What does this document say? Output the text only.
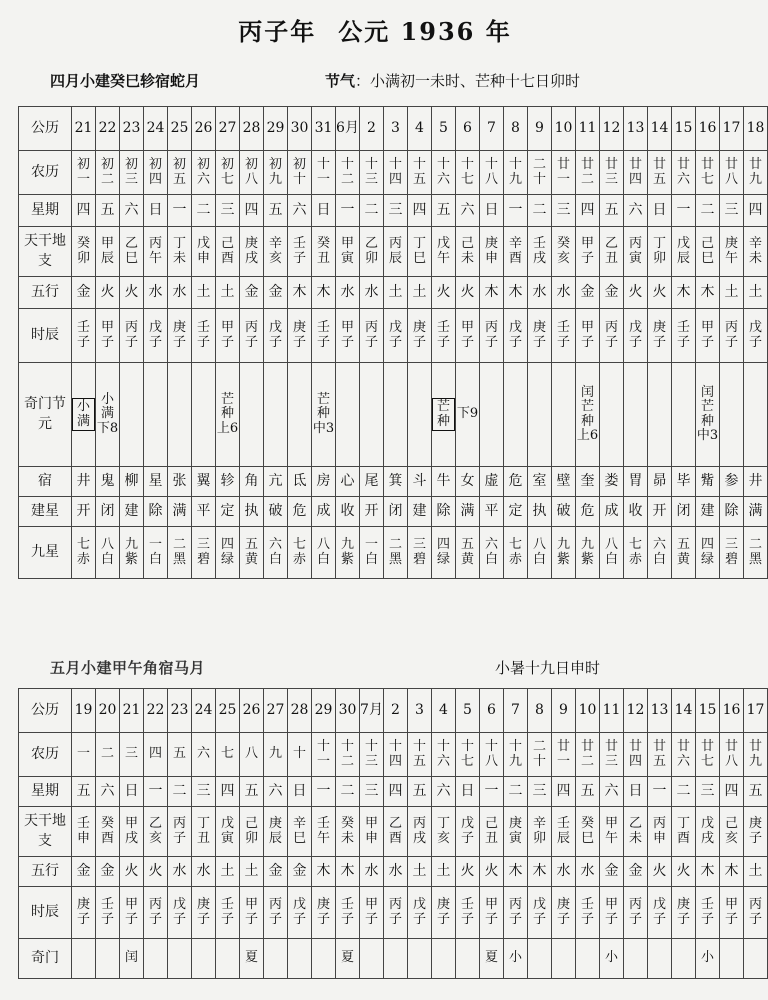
丙子年 公元 1936 年
四月小建癸巳轸宿蛇月	节气：小满初一未时、芒种十七日卯时
公历	21	22	23	24	25	26	27	28	29	30	31	6月	2	3	4	5	6	7	8	9	10	11	12	13	14	15	16	17	18

农历	初一	初二	初三	初四	初五	初六	初七	初八	初九	初十	十一	十二	十三	十四	十五	十六	十七	十八	十九	二十	廿一	廿二	廿三	廿四	廿五	廿六	廿七	廿八	廿九

星期	四	五	六	日	一	二	三	四	五	六	日	一	二	三	四	五	六	日	一	二	三	四	五	六	日	一	二	三	四

天干地支	癸卯	甲辰	乙巳	丙午	丁未	戊申	己酉	庚戌	辛亥	壬子	癸丑	甲寅	乙卯	丙辰	丁巳	戊午	己未	庚申	辛酉	壬戌	癸亥	甲子	乙丑	丙寅	丁卯	戊辰	己巳	庚午	辛未

五行	金	火	火	水	水	土	土	金	金	木	木	水	水	土	土	火	火	木	木	水	水	金	金	火	火	木	木	土	土

时辰	壬子	甲子	丙子	戊子	庚子	壬子	甲子	丙子	戊子	庚子	壬子	甲子	丙子	戊子	庚子	壬子	甲子	丙子	戊子	庚子	壬子	甲子	丙子	戊子	庚子	壬子	甲子	丙子	戊子

奇门节元	小满	小满下8					芒种上6				芒种中3					芒种	下9					闰芒种上6					闰芒种中3		

宿	井	鬼	柳	星	张	翼	轸	角	亢	氐	房	心	尾	箕	斗	牛	女	虚	危	室	壁	奎	娄	胃	昴	毕	觜	参	井

建星	开	闭	建	除	满	平	定	执	破	危	成	收	开	闭	建	除	满	平	定	执	破	危	成	收	开	闭	建	除	满

九星	七赤	八白	九紫	一白	二黑	三碧	四绿	五黄	六白	七赤	八白	九紫	一白	二黑	三碧	四绿	五黄	六白	七赤	八白	九紫	九紫	八白	七赤	六白	五黄	四绿	三碧	二黑
五月小建甲午角宿马月	小暑十九日申时
公历	19	20	21	22	23	24	25	26	27	28	29	30	7月	2	3	4	5	6	7	8	9	10	11	12	13	14	15	16	17

农历	一	二	三	四	五	六	七	八	九	十	十一	十二	十三	十四	十五	十六	十七	十八	十九	二十	廿一	廿二	廿三	廿四	廿五	廿六	廿七	廿八	廿九

星期	五	六	日	一	二	三	四	五	六	日	一	二	三	四	五	六	日	一	二	三	四	五	六	日	一	二	三	四	五

天干地支	壬申	癸酉	甲戌	乙亥	丙子	丁丑	戊寅	己卯	庚辰	辛巳	壬午	癸未	甲申	乙酉	丙戌	丁亥	戊子	己丑	庚寅	辛卯	壬辰	癸巳	甲午	乙未	丙申	丁酉	戊戌	己亥	庚子

五行	金	金	火	火	水	水	土	土	金	金	木	木	水	水	土	土	火	火	木	木	水	水	金	金	火	火	木	木	土

时辰	庚子	壬子	甲子	丙子	戊子	庚子	壬子	甲子	丙子	戊子	庚子	壬子	甲子	丙子	戊子	庚子	壬子	甲子	丙子	戊子	庚子	壬子	甲子	丙子	戊子	庚子	壬子	甲子	丙子

奇门			闰					夏				夏						夏	小				小				小		
